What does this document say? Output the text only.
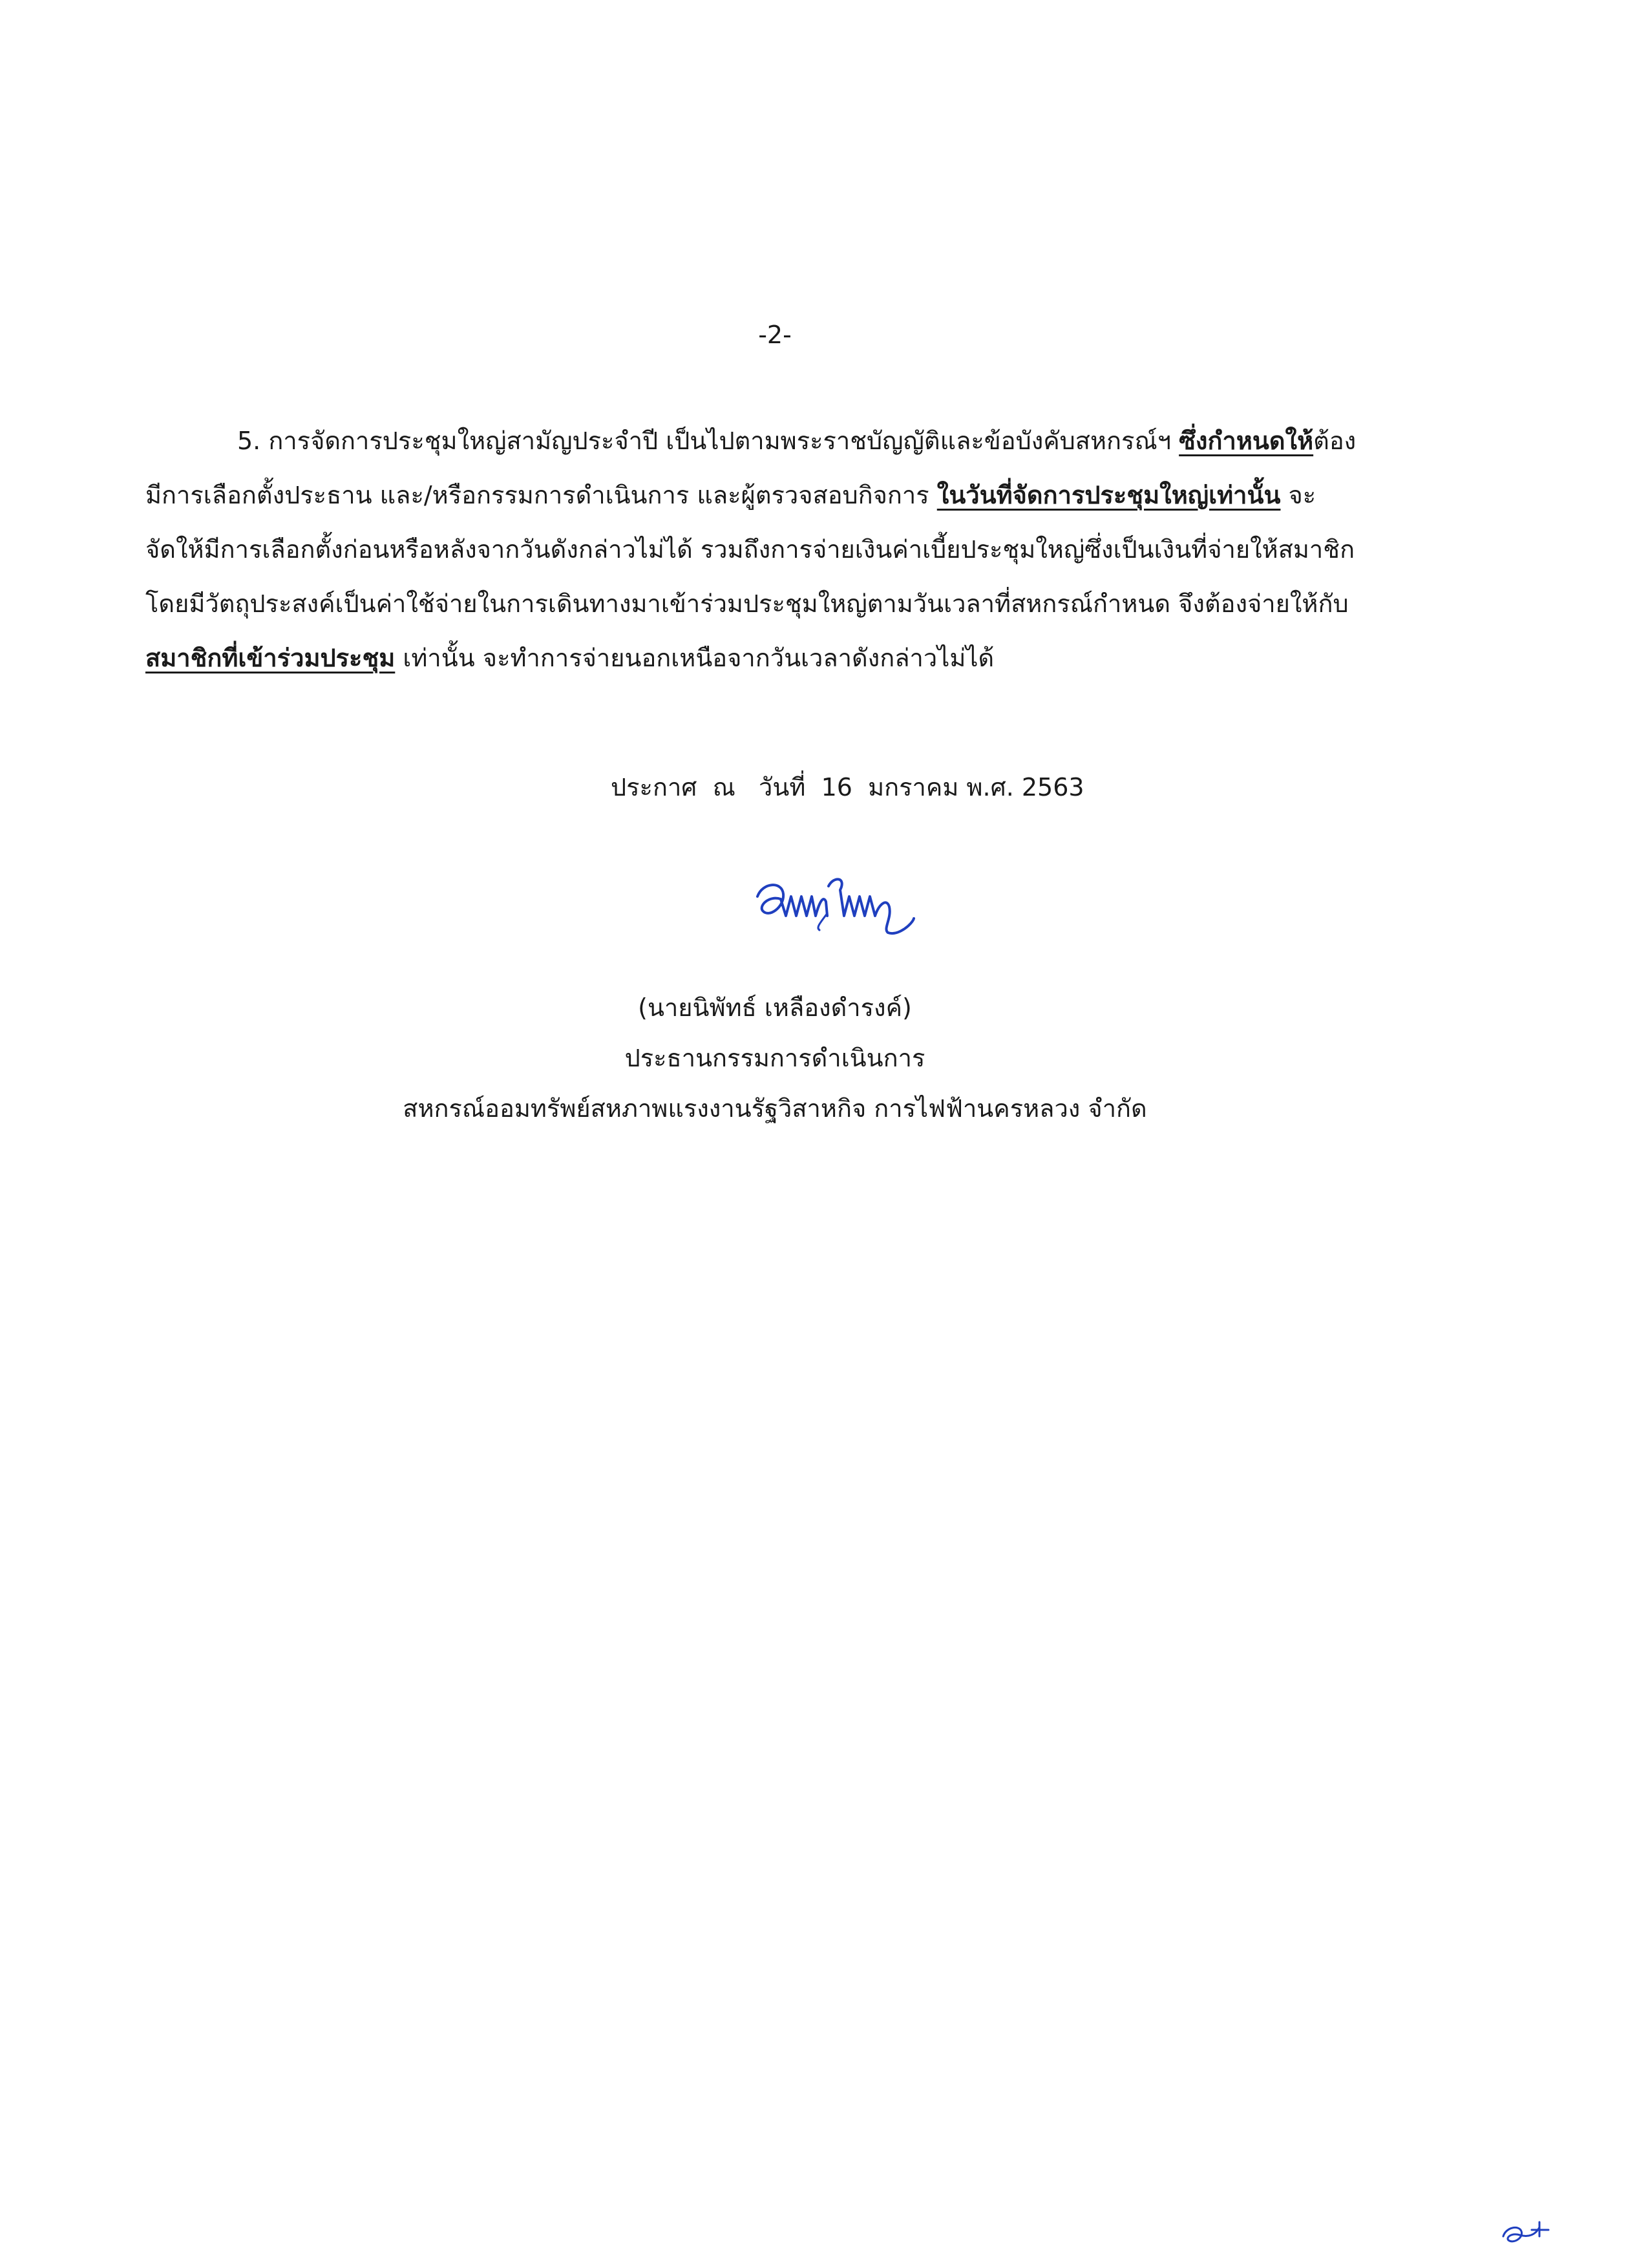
-2-
5. การจัดการประชุมใหญ่สามัญประจำปี เป็นไปตามพระราชบัญญัติและข้อบังคับสหกรณ์ฯ ซึ่งกำหนดให้ต้อง
มีการเลือกตั้งประธาน และ/หรือกรรมการดำเนินการ และผู้ตรวจสอบกิจการ ในวันที่จัดการประชุมใหญ่เท่านั้น จะ
จัดให้มีการเลือกตั้งก่อนหรือหลังจากวันดังกล่าวไม่ได้ รวมถึงการจ่ายเงินค่าเบี้ยประชุมใหญ่ซึ่งเป็นเงินที่จ่ายให้สมาชิก
โดยมีวัตถุประสงค์เป็นค่าใช้จ่ายในการเดินทางมาเข้าร่วมประชุมใหญ่ตามวันเวลาที่สหกรณ์กำหนด จึงต้องจ่ายให้กับ
สมาชิกที่เข้าร่วมประชุม เท่านั้น จะทำการจ่ายนอกเหนือจากวันเวลาดังกล่าวไม่ได้
ประกาศ  ณ   วันที่  16  มกราคม พ.ศ. 2563
(นายนิพัทธ์ เหลืองดำรงค์)
ประธานกรรมการดำเนินการ
สหกรณ์ออมทรัพย์สหภาพแรงงานรัฐวิสาหกิจ การไฟฟ้านครหลวง จำกัด
